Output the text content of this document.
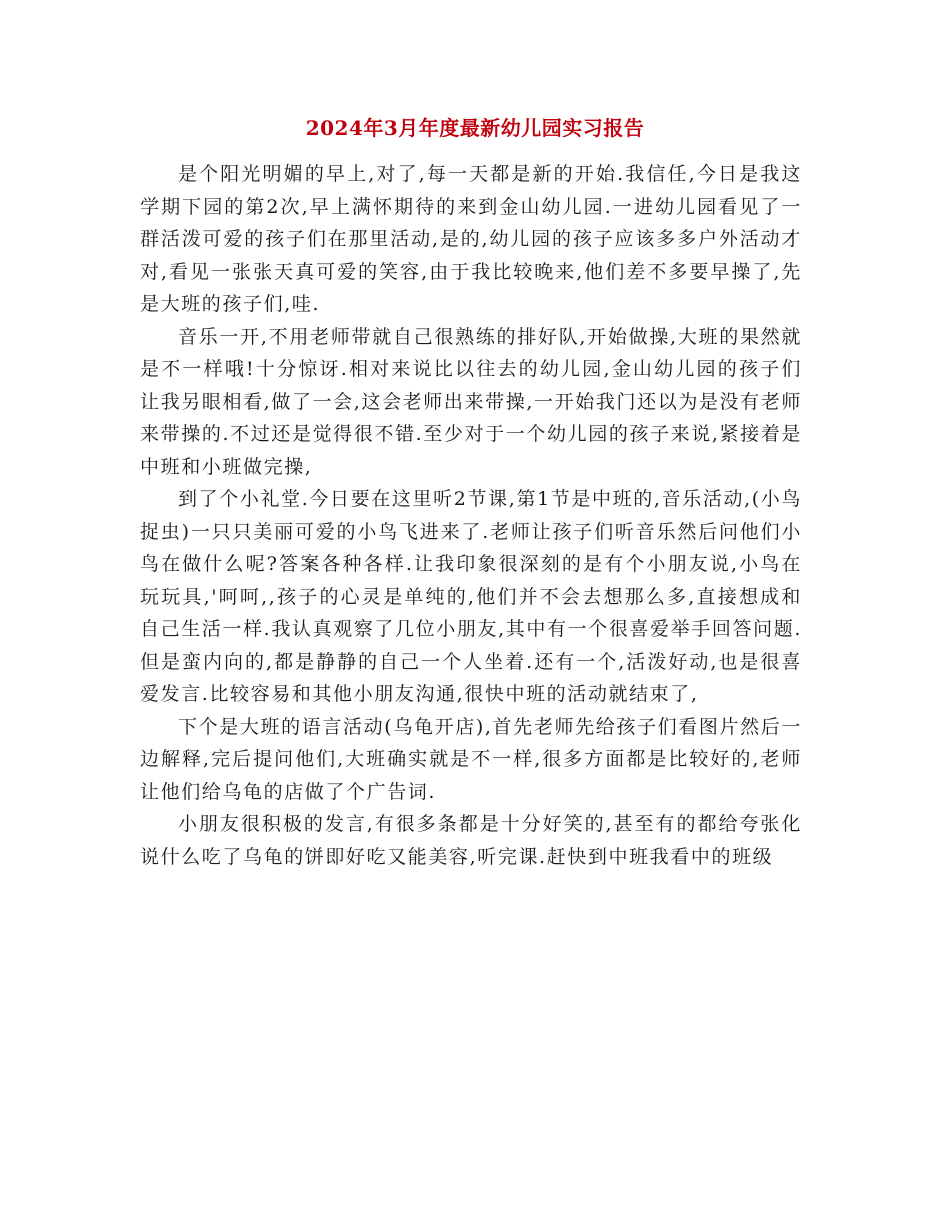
2024年3月年度最新幼儿园实习报告

是个阳光明媚的早上,对了,每一天都是新的开始.我信任,今日是我这学期下园的第2次,早上满怀期待的来到金山幼儿园.一进幼儿园看见了一群活泼可爱的孩子们在那里活动,是的,幼儿园的孩子应该多多户外活动才对,看见一张张天真可爱的笑容,由于我比较晚来,他们差不多要早操了,先是大班的孩子们,哇.

音乐一开,不用老师带就自己很熟练的排好队,开始做操,大班的果然就是不一样哦!十分惊讶.相对来说比以往去的幼儿园,金山幼儿园的孩子们让我另眼相看,做了一会,这会老师出来带操,一开始我门还以为是没有老师来带操的.不过还是觉得很不错.至少对于一个幼儿园的孩子来说,紧接着是中班和小班做完操,

到了个小礼堂.今日要在这里听2节课,第1节是中班的,音乐活动,(小鸟捉虫)一只只美丽可爱的小鸟飞进来了.老师让孩子们听音乐然后问他们小鸟在做什么呢?答案各种各样.让我印象很深刻的是有个小朋友说,小鸟在玩玩具,'呵呵,,孩子的心灵是单纯的,他们并不会去想那么多,直接想成和自己生活一样.我认真观察了几位小朋友,其中有一个很喜爱举手回答问题.但是蛮内向的,都是静静的自己一个人坐着.还有一个,活泼好动,也是很喜爱发言.比较容易和其他小朋友沟通,很快中班的活动就结束了,

下个是大班的语言活动(乌龟开店),首先老师先给孩子们看图片然后一边解释,完后提问他们,大班确实就是不一样,很多方面都是比较好的,老师让他们给乌龟的店做了个广告词.

小朋友很积极的发言,有很多条都是十分好笑的,甚至有的都给夸张化说什么吃了乌龟的饼即好吃又能美容,听完课.赶快到中班我看中的班级
